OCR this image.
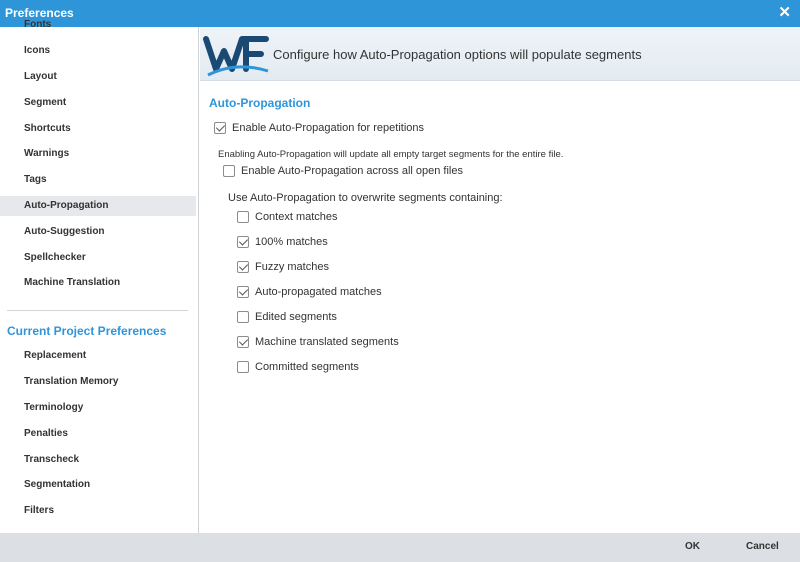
Preferences	✕
Fonts
Icons
Layout
Segment
Shortcuts
Warnings
Tags
Auto-Propagation
Auto-Suggestion
Spellchecker
Machine Translation
Current Project Preferences
Replacement
Translation Memory
Terminology
Penalties
Transcheck
Segmentation
Filters
Configure how Auto-Propagation options will populate segments
Auto-Propagation
Enable Auto-Propagation for repetitions
Enabling Auto-Propagation will update all empty target segments for the entire file.
Enable Auto-Propagation across all open files
Use Auto-Propagation to overwrite segments containing:
Context matches
100% matches
Fuzzy matches
Auto-propagated matches
Edited segments
Machine translated segments
Committed segments
OK	Cancel
